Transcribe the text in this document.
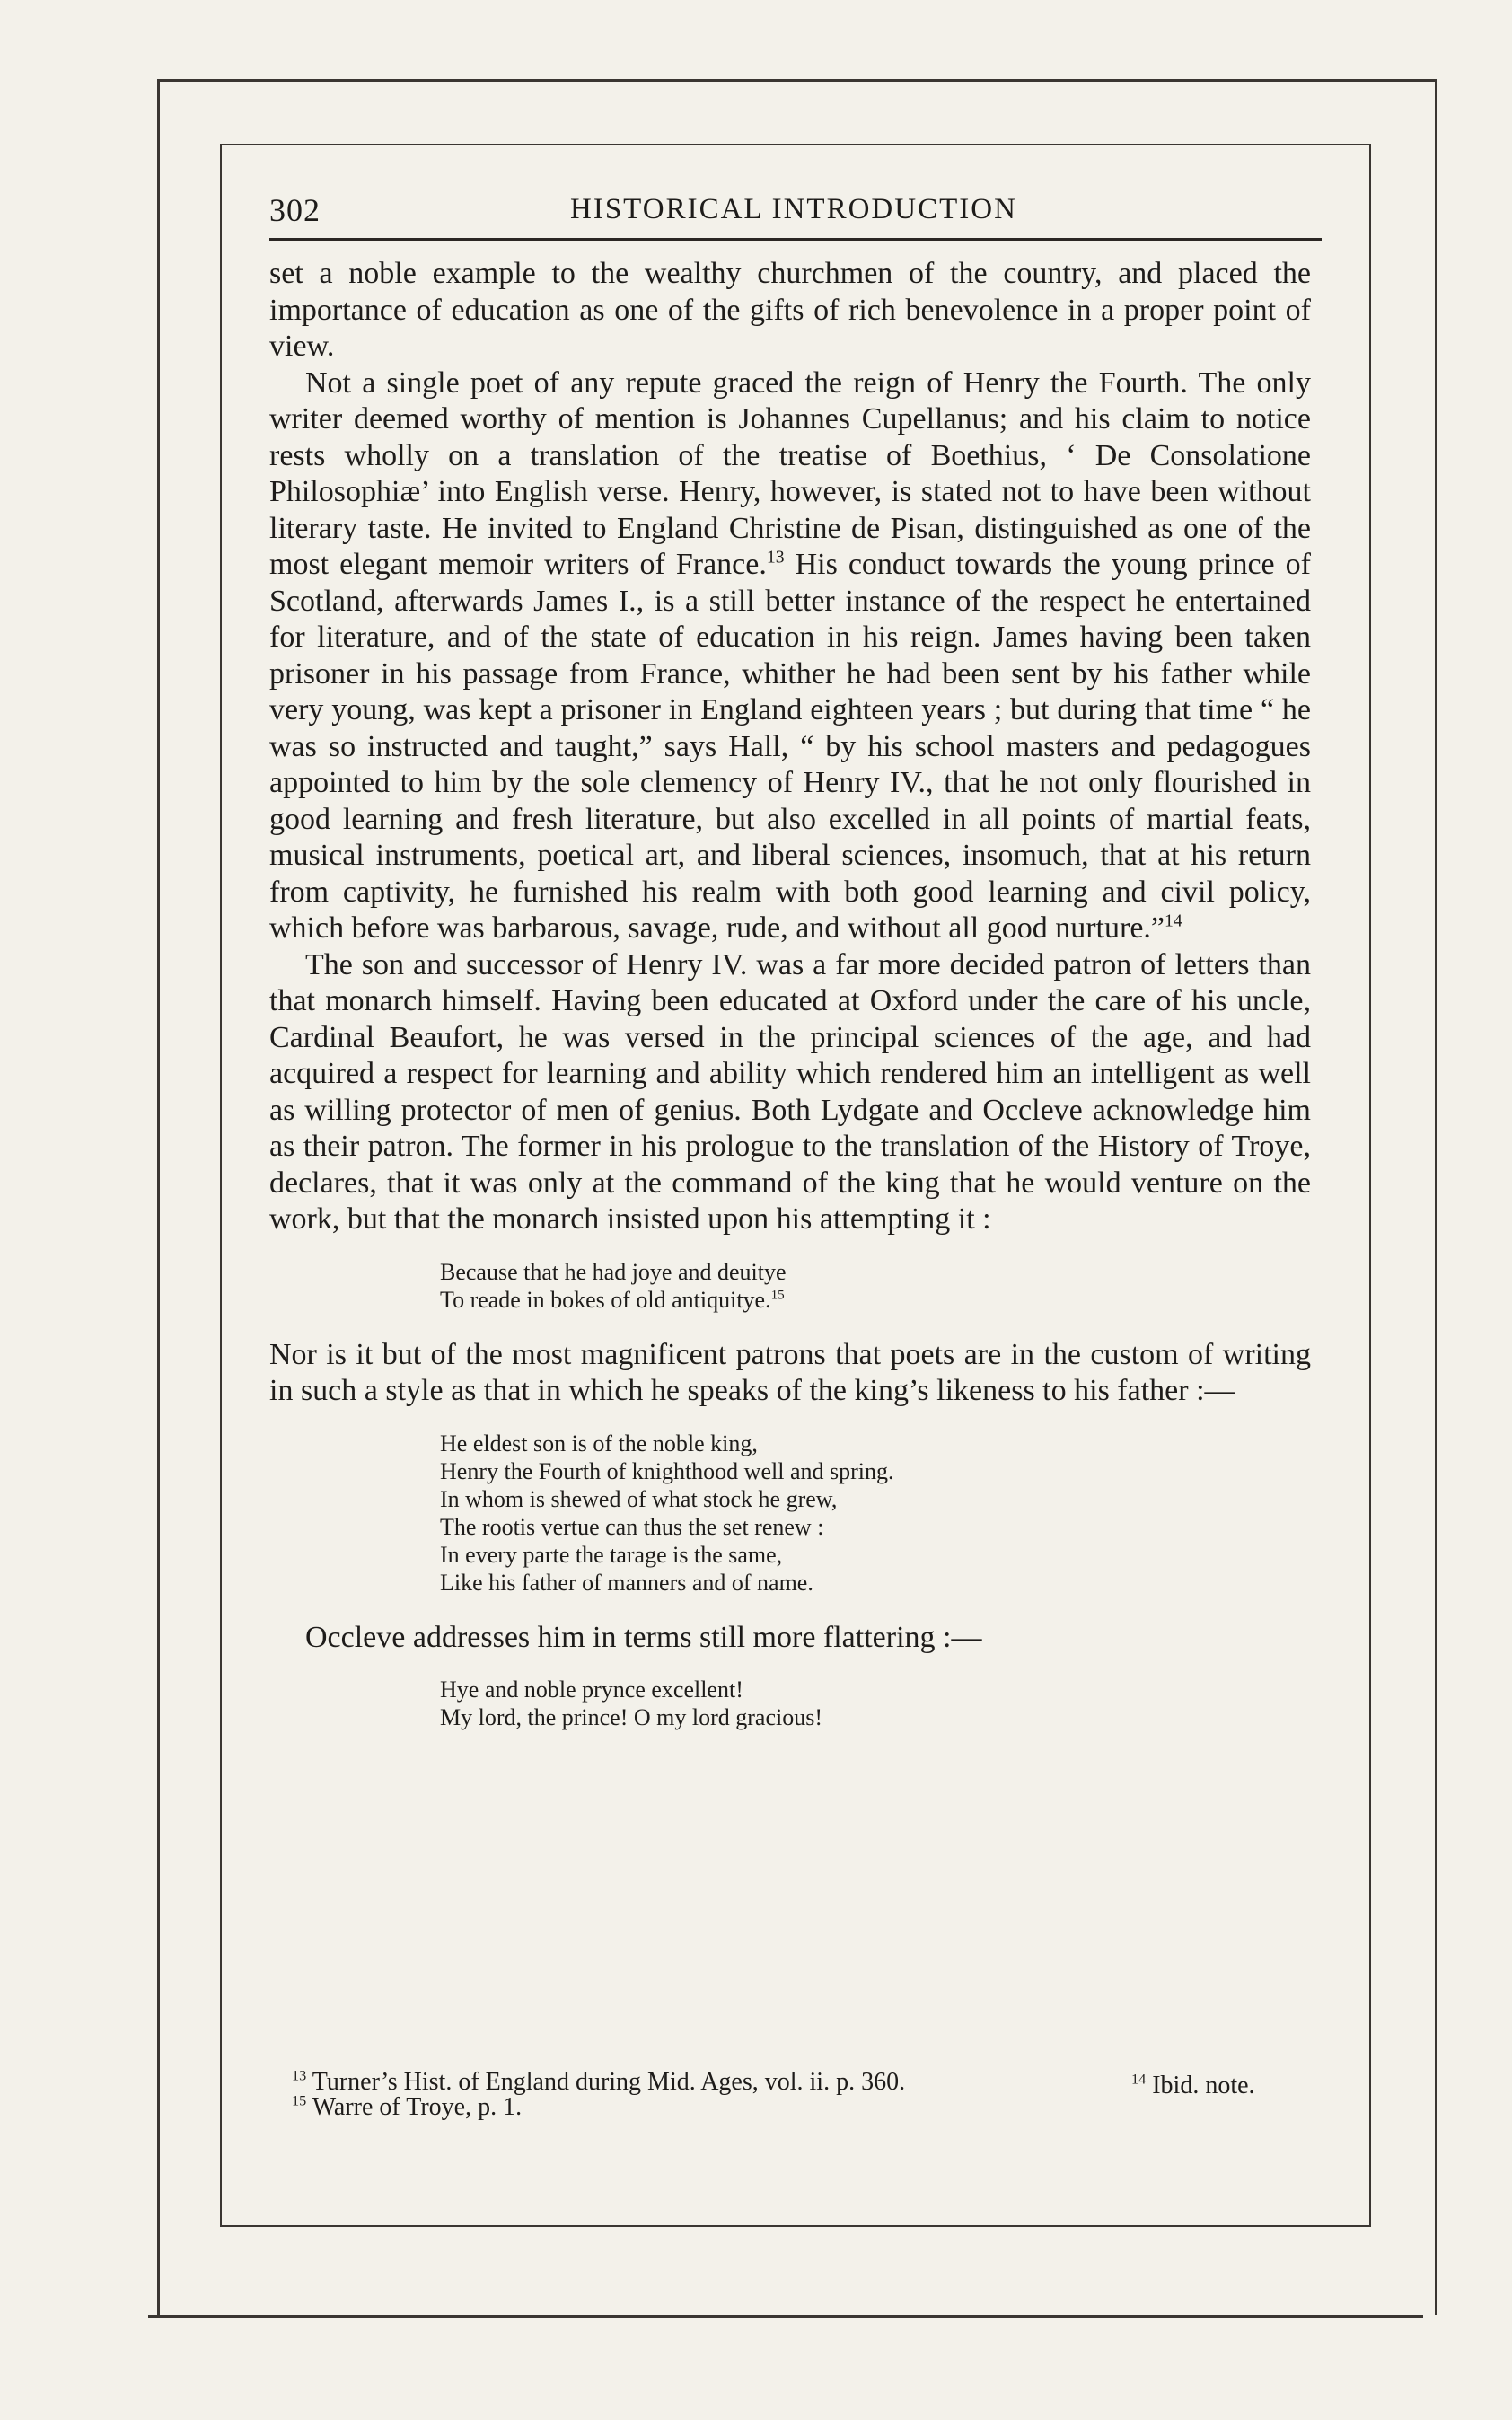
302	HISTORICAL INTRODUCTION

set a noble example to the wealthy churchmen of the country, and placed the importance of education as one of the gifts of rich benevolence in a proper point of view.

Not a single poet of any repute graced the reign of Henry the Fourth. The only writer deemed worthy of mention is Johannes Cupellanus; and his claim to notice rests wholly on a translation of the treatise of Boethius, ‘ De Consolatione Philosophiæ’ into English verse. Henry, however, is stated not to have been without literary taste. He invited to England Christine de Pisan, distinguished as one of the most elegant memoir writers of France.$^{13}$ His conduct towards the young prince of Scotland, afterwards James I., is a still better instance of the respect he entertained for literature, and of the state of education in his reign. James having been taken prisoner in his passage from France, whither he had been sent by his father while very young, was kept a prisoner in England eighteen years ; but during that time “ he was so instructed and taught,” says Hall, “ by his school masters and pedagogues appointed to him by the sole clemency of Henry IV., that he not only flourished in good learning and fresh literature, but also excelled in all points of martial feats, musical instruments, poetical art, and liberal sciences, insomuch, that at his return from captivity, he furnished his realm with both good learning and civil policy, which before was barbarous, savage, rude, and without all good nurture.”$^{14}$

The son and successor of Henry IV. was a far more decided patron of letters than that monarch himself. Having been educated at Oxford under the care of his uncle, Cardinal Beaufort, he was versed in the principal sciences of the age, and had acquired a respect for learning and ability which rendered him an intelligent as well as willing protector of men of genius. Both Lydgate and Occleve acknowledge him as their patron. The former in his prologue to the translation of the History of Troye, declares, that it was only at the command of the king that he would venture on the work, but that the monarch insisted upon his attempting it :

Because that he had joye and deuitye
To reade in bokes of old antiquitye.$^{15}$

Nor is it but of the most magnificent patrons that poets are in the custom of writing in such a style as that in which he speaks of the king’s likeness to his father :—

He eldest son is of the noble king,
Henry the Fourth of knighthood well and spring.
In whom is shewed of what stock he grew,
The rootis vertue can thus the set renew :
In every parte the tarage is the same,
Like his father of manners and of name.

Occleve addresses him in terms still more flattering :—

Hye and noble prynce excellent!
My lord, the prince! O my lord gracious!
$^{13}$ Turner’s Hist. of England during Mid. Ages, vol. ii. p. 360.	$^{14}$ Ibid. note.
$^{15}$ Warre of Troye, p. 1.
